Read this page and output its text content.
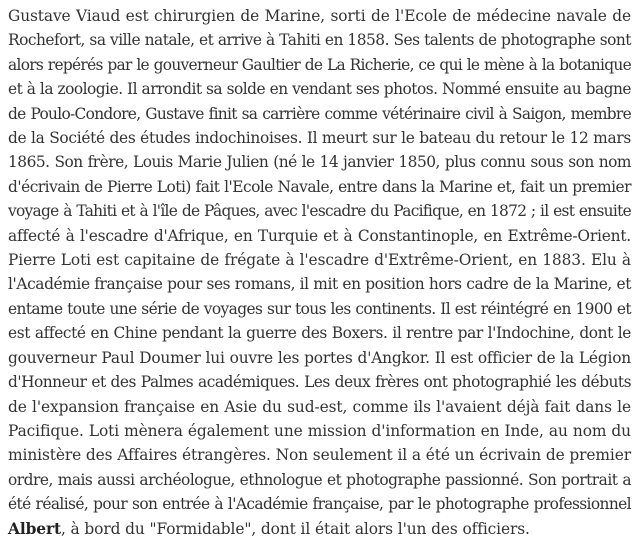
Gustave Viaud est chirurgien de Marine, sorti de l'Ecole de médecine navale de
Rochefort, sa ville natale, et arrive à Tahiti en 1858. Ses talents de photographe sont
alors repérés par le gouverneur Gaultier de La Richerie, ce qui le mène à la botanique
et à la zoologie. Il arrondit sa solde en vendant ses photos. Nommé ensuite au bagne
de Poulo-Condore, Gustave finit sa carrière comme vétérinaire civil à Saigon, membre
de la Société des études indochinoises. Il meurt sur le bateau du retour le 12 mars
1865. Son frère, Louis Marie Julien (né le 14 janvier 1850, plus connu sous son nom
d'écrivain de Pierre Loti) fait l'Ecole Navale, entre dans la Marine et, fait un premier
voyage à Tahiti et à l'île de Pâques, avec l'escadre du Pacifique, en 1872 ; il est ensuite
affecté à l'escadre d'Afrique, en Turquie et à Constantinople, en Extrême-Orient.
Pierre Loti est capitaine de frégate à l'escadre d'Extrême-Orient, en 1883. Elu à
l'Académie française pour ses romans, il mit en position hors cadre de la Marine, et
entame toute une série de voyages sur tous les continents. Il est réintégré en 1900 et
est affecté en Chine pendant la guerre des Boxers. il rentre par l'Indochine, dont le
gouverneur Paul Doumer lui ouvre les portes d'Angkor. Il est officier de la Légion
d'Honneur et des Palmes académiques. Les deux frères ont photographié les débuts
de l'expansion française en Asie du sud-est, comme ils l'avaient déjà fait dans le
Pacifique. Loti mènera également une mission d'information en Inde, au nom du
ministère des Affaires étrangères. Non seulement il a été un écrivain de premier
ordre, mais aussi archéologue, ethnologue et photographe passionné. Son portrait a
été réalisé, pour son entrée à l'Académie française, par le photographe professionnel
Albert, à bord du "Formidable", dont il était alors l'un des officiers.
